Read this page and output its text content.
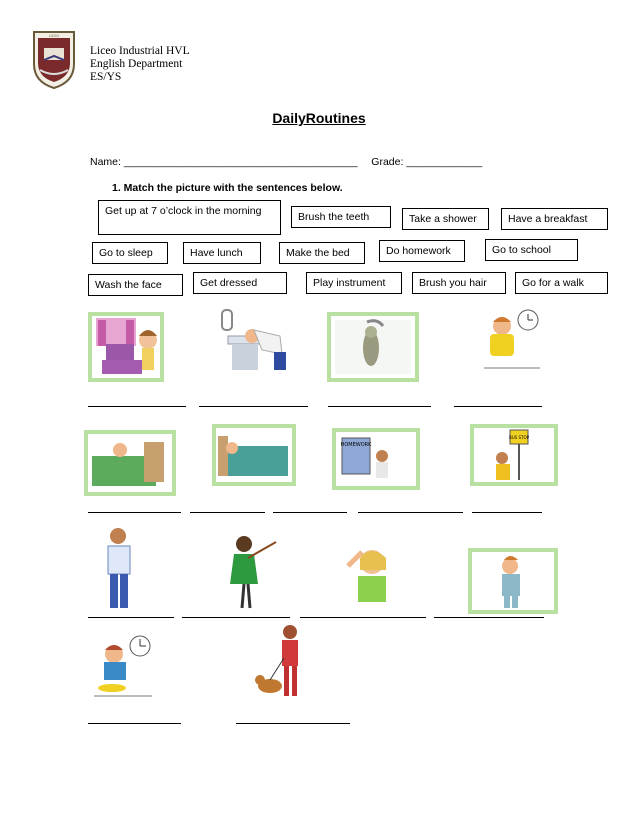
LICEO
Liceo Industrial HVL
English Department
ES/YS
DailyRoutines
Name: ________________________________________ Grade: _____________
1. Match the picture with the sentences below.
Get up at 7 o’clock in the morning	Brush the teeth	Take a shower	Have a breakfast
Go to sleep	Have lunch	Make the bed	Do homework	Go to school
Wash the face	Get dressed	Play instrument	Brush you hair	Go for a walk
HOMEWORK
BUS STOP
